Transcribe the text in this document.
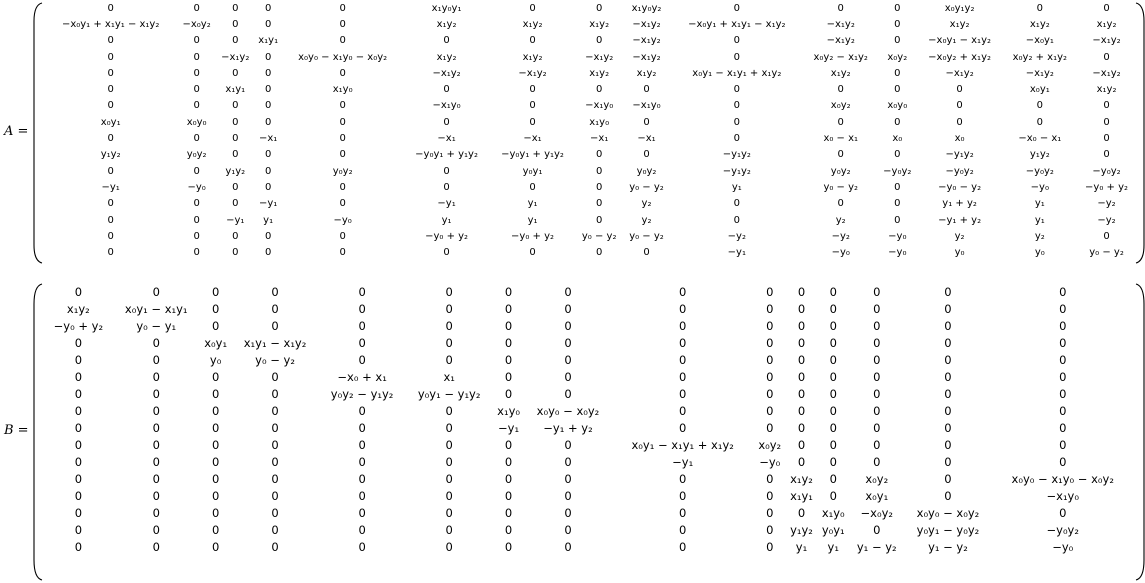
A =
0	0	0	0	0	x₁y₀y₁	0	0	x₁y₀y₂	0	0	0	x₀y₁y₂	0	0
−x₀y₁ + x₁y₁ − x₁y₂	−x₀y₂	0	0	0	x₁y₂	x₁y₂	x₁y₂	−x₁y₂	−x₀y₁ + x₁y₁ − x₁y₂	−x₁y₂	0	x₁y₂	x₁y₂	x₁y₂
0	0	0	x₁y₁	0	0	0	0	−x₁y₂	0	−x₁y₂	0	−x₀y₁ − x₁y₂	−x₀y₁	−x₁y₂
0	0	−x₁y₂	0	x₀y₀ − x₁y₀ − x₀y₂	x₁y₂	x₁y₂	−x₁y₂	−x₁y₂	0	x₀y₂ − x₁y₂	x₀y₂	−x₀y₂ + x₁y₂	x₀y₂ + x₁y₂	0
0	0	0	0	0	−x₁y₂	−x₁y₂	x₁y₂	x₁y₂	x₀y₁ − x₁y₁ + x₁y₂	x₁y₂	0	−x₁y₂	−x₁y₂	−x₁y₂
0	0	x₁y₁	0	x₁y₀	0	0	0	0	0	0	0	0	x₀y₁	x₁y₂
0	0	0	0	0	−x₁y₀	0	−x₁y₀	−x₁y₀	0	x₀y₂	x₀y₀	0	0	0
x₀y₁	x₀y₀	0	0	0	0	0	x₁y₀	0	0	0	0	0	0	0
0	0	0	−x₁	0	−x₁	−x₁	−x₁	−x₁	0	x₀ − x₁	x₀	x₀	−x₀ − x₁	0
y₁y₂	y₀y₂	0	0	0	−y₀y₁ + y₁y₂	−y₀y₁ + y₁y₂	0	0	−y₁y₂	0	0	−y₁y₂	y₁y₂	0
0	0	y₁y₂	0	y₀y₂	0	y₀y₁	0	y₀y₂	−y₁y₂	y₀y₂	−y₀y₂	−y₀y₂	−y₀y₂	−y₀y₂
−y₁	−y₀	0	0	0	0	0	0	y₀ − y₂	y₁	y₀ − y₂	0	−y₀ − y₂	−y₀	−y₀ + y₂
0	0	0	−y₁	0	−y₁	y₁	0	y₂	0	0	0	y₁ + y₂	y₁	−y₂
0	0	−y₁	y₁	−y₀	y₁	y₁	0	y₂	0	y₂	0	−y₁ + y₂	y₁	−y₂
0	0	0	0	0	−y₀ + y₂	−y₀ + y₂	y₀ − y₂	y₀ − y₂	−y₂	−y₂	−y₀	y₂	y₂	0
0	0	0	0	0	0	0	0	0	−y₁	−y₀	−y₀	y₀	y₀	y₀ − y₂
B =
0	0	0	0	0	0	0	0	0	0	0	0	0	0	0
x₁y₂	x₀y₁ − x₁y₁	0	0	0	0	0	0	0	0	0	0	0	0	0
−y₀ + y₂	y₀ − y₁	0	0	0	0	0	0	0	0	0	0	0	0	0
0	0	x₀y₁	x₁y₁ − x₁y₂	0	0	0	0	0	0	0	0	0	0	0
0	0	y₀	y₀ − y₂	0	0	0	0	0	0	0	0	0	0	0
0	0	0	0	−x₀ + x₁	x₁	0	0	0	0	0	0	0	0	0
0	0	0	0	y₀y₂ − y₁y₂	y₀y₁ − y₁y₂	0	0	0	0	0	0	0	0	0
0	0	0	0	0	0	x₁y₀	x₀y₀ − x₀y₂	0	0	0	0	0	0	0
0	0	0	0	0	0	−y₁	−y₁ + y₂	0	0	0	0	0	0	0
0	0	0	0	0	0	0	0	x₀y₁ − x₁y₁ + x₁y₂	x₀y₂	0	0	0	0	0
0	0	0	0	0	0	0	0	−y₁	−y₀	0	0	0	0	0
0	0	0	0	0	0	0	0	0	0	x₁y₂	0	x₀y₂	0	x₀y₀ − x₁y₀ − x₀y₂
0	0	0	0	0	0	0	0	0	0	x₁y₁	0	x₀y₁	0	−x₁y₀
0	0	0	0	0	0	0	0	0	0	0	x₁y₀	−x₀y₂	x₀y₀ − x₀y₂	0
0	0	0	0	0	0	0	0	0	0	y₁y₂	y₀y₁	0	y₀y₁ − y₀y₂	−y₀y₂
0	0	0	0	0	0	0	0	0	0	y₁	y₁	y₁ − y₂	y₁ − y₂	−y₀
